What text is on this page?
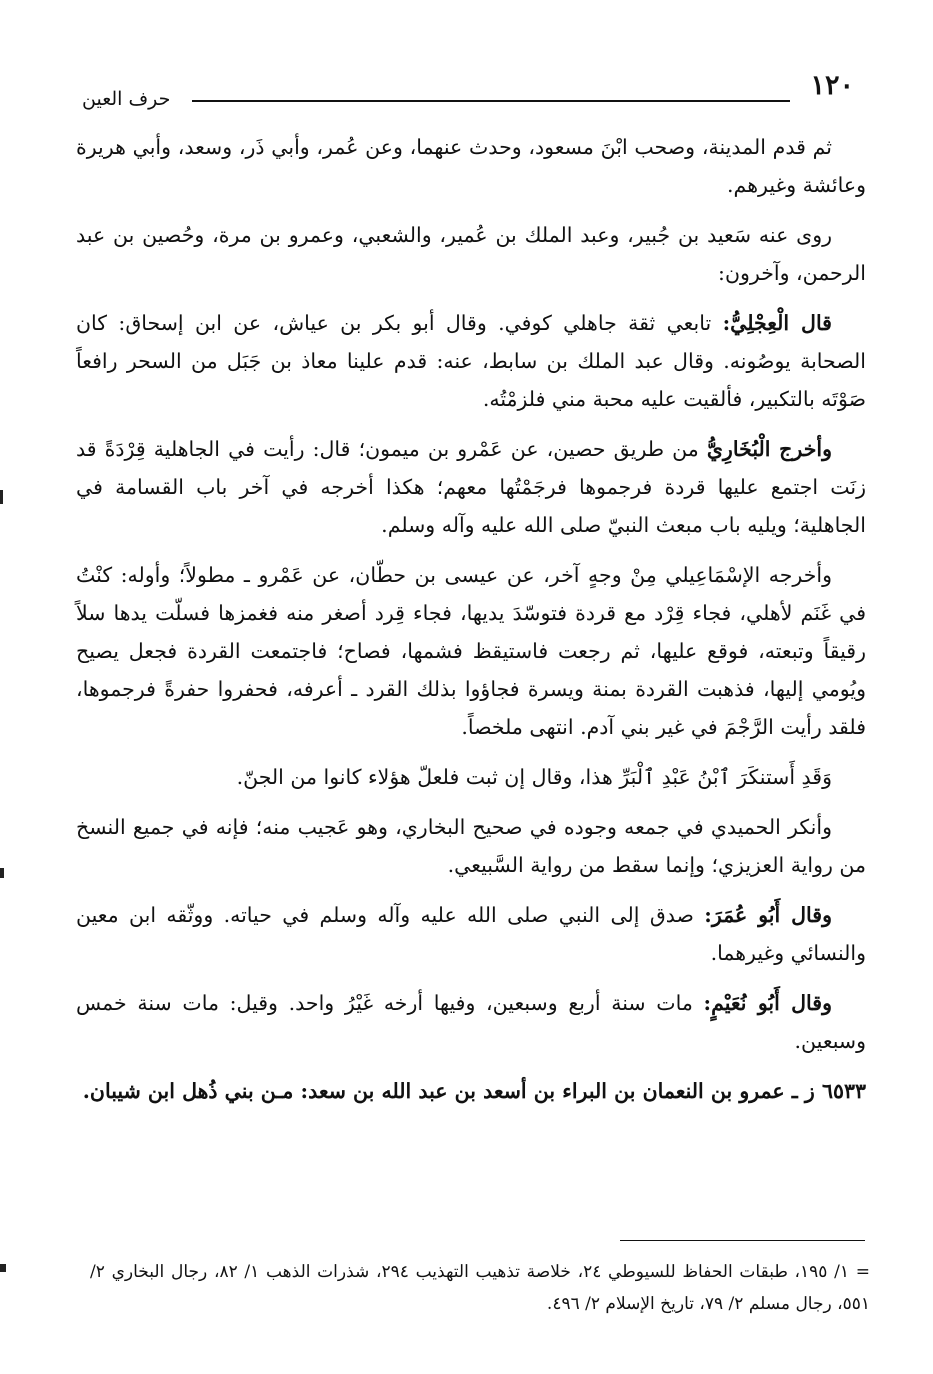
١٢٠
حرف العين

ثم قدم المدينة، وصحب ابْنَ مسعود، وحدث عنهما، وعن عُمر، وأبي ذَر، وسعد، وأبي هريرة وعائشة وغيرهم.

روى عنه سَعيد بن جُبير، وعبد الملك بن عُمير، والشعبي، وعمرو بن مرة، وحُصين بن عبد الرحمن، وآخرون:

قال الْعِجْلِيُّ: تابعي ثقة جاهلي كوفي. وقال أبو بكر بن عياش، عن ابن إسحاق: كان الصحابة يوصُونه. وقال عبد الملك بن سابط، عنه: قدم علينا معاذ بن جَبَل من السحر رافعاً صَوْتَه بالتكبير، فألقيت عليه محبة مني فلزمْتُه.

وأخرج الْبُخَارِيُّ من طريق حصين، عن عَمْرو بن ميمون؛ قال: رأيت في الجاهلية قِرْدَةً قد زنَت اجتمع عليها قردة فرجموها فرجَمْتُها معهم؛ هكذا أخرجه في آخر باب القسامة في الجاهلية؛ ويليه باب مبعث النبيّ صلى الله عليه وآله وسلم.

وأخرجه الإسْمَاعِيلي مِنْ وجهٍ آخر، عن عيسى بن حطّان، عن عَمْرو ـ مطولاً؛ وأوله: كنْتُ في غَنَم لأهلي، فجاء قِرْد مع قردة فتوسّدَ يديها، فجاء قِرد أصغر منه فغمزها فسلّت يدها سلاً رقيقاً وتبعته، فوقع عليها، ثم رجعت فاستيقظ فشمها، فصاح؛ فاجتمعت القردة فجعل يصيح ويُومي إليها، فذهبت القردة بمنة ويسرة فجاؤوا بذلك القرد ـ أعرفه، فحفروا حفرةً فرجموها، فلقد رأيت الرَّجْمَ في غير بني آدم. انتهى ملخصاً.

وَقَدِ أَستنكَرَ ٱبْنُ عَبْدِ ٱلْبَرِّ هذا، وقال إن ثبت فلعلّ هؤلاء كانوا من الجنّ.

وأنكر الحميدي في جمعه وجوده في صحيح البخاري، وهو عَجيب منه؛ فإنه في جميع النسخ من رواية العزيزي؛ وإنما سقط من رواية السَّبيعي.

وقال أَبُو عُمَرَ: صدق إلى النبي صلى الله عليه وآله وسلم في حياته. ووثّقه ابن معين والنسائي وغيرهما.

وقال أَبُو نُعَيْمٍ: مات سنة أربع وسبعين، وفيها أرخه غَيْرُ واحد. وقيل: مات سنة خمس وسبعين.

٦٥٣٣ ز ـ عمرو بن النعمان بن البراء بن أسعد بن عبد الله بن سعد: مـن بني ذُهل ابن شيبان.

= ١/ ١٩٥، طبقات الحفاظ للسيوطي ٢٤، خلاصة تذهيب التهذيب ٢٩٤، شذرات الذهب ١/ ٨٢، رجال البخاري ٢/ ٥٥١، رجال مسلم ٢/ ٧٩، تاريخ الإسلام ٢/ ٤٩٦.
